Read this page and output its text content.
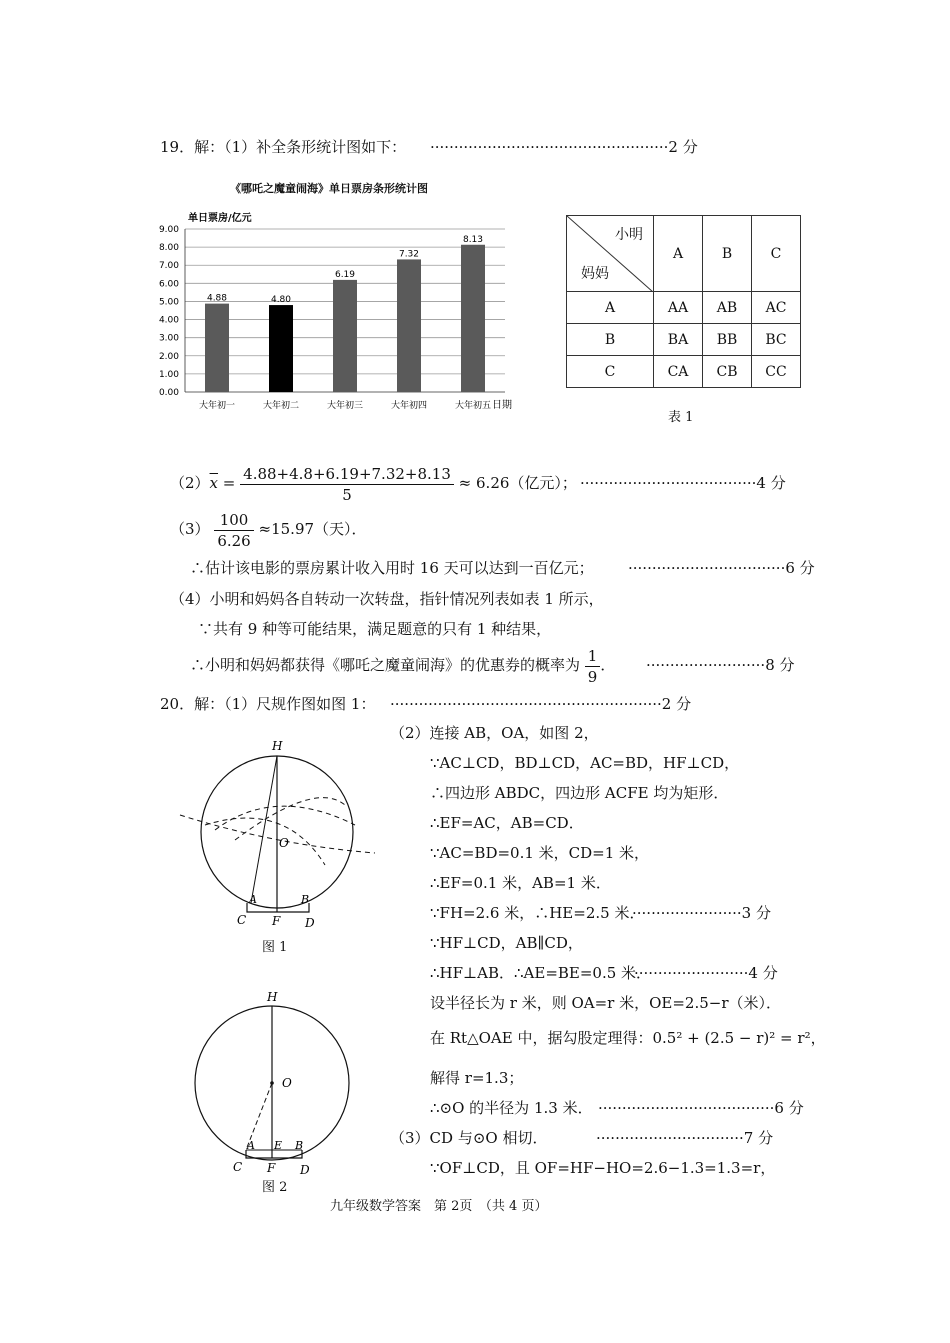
19．解：（1）补全条形统计图如下： ··················································2 分
《哪吒之魔童闹海》单日票房条形统计图
单日票房/亿元
0.00
1.00
2.00
3.00
4.00
5.00
6.00
7.00
8.00
9.00
4.88	4.80
6.19
7.32
8.13
大年初一	大年初二	大年初三	大年初四	大年初五 日期
小明
妈妈	A	B	C
A	AA	AB	AC
B	BA	BB	BC
C	CA	CB	CC
表 1
$(2)\overline{x} = \frac{4.88+4.8+6.19+7.32+8.13}{5} \approx 6.26$（亿元）； ·····································4 分
$(3) \frac{100}{6.26} \approx 15.97$（天）．
∴估计该电影的票房累计收入用时 16 天可以达到一百亿元； ·································6 分
（4）小明和妈妈各自转动一次转盘，指针情况列表如表 1 所示，
∵共有 9 种等可能结果，满足题意的只有 1 种结果，
∴小明和妈妈都获得《哪吒之魔童闹海》的优惠券的概率为 $\frac{1}{9}$ ． ·························8 分
20．解：（1）尺规作图如图 1： ·························································2 分
H
O
A	B
C F D
图 1
H
O
A E B
C F D
图 2
（2）连接 AB，OA，如图 2，
∵AC⊥CD，BD⊥CD，AC=BD，HF⊥CD，
∴四边形 ABDC，四边形 ACFE 均为矩形．
∴EF=AC，AB=CD．
∵AC=BD=0.1 米，CD=1 米，
∴EF=0.1 米，AB=1 米．
∵FH=2.6 米，∴HE=2.5 米．
·······················3 分
∵HF⊥CD，AB∥CD，
∴HF⊥AB．∴AE=BE=0.5 米．
························4 分
设半径长为 r 米，则 OA=r 米，OE=2.5−r（米）．
在 Rt△OAE 中，据勾股定理得：0.5² + (2.5 − r)² = r²，
解得 r=1.3；
∴⊙O 的半径为 1.3 米． ·····································6 分
（3）CD 与⊙O 相切．	·······························7 分
∵OF⊥CD，且 OF=HF−HO=2.6−1.3=1.3=r，
九年级数学答案　第 2页　（共 4 页）
